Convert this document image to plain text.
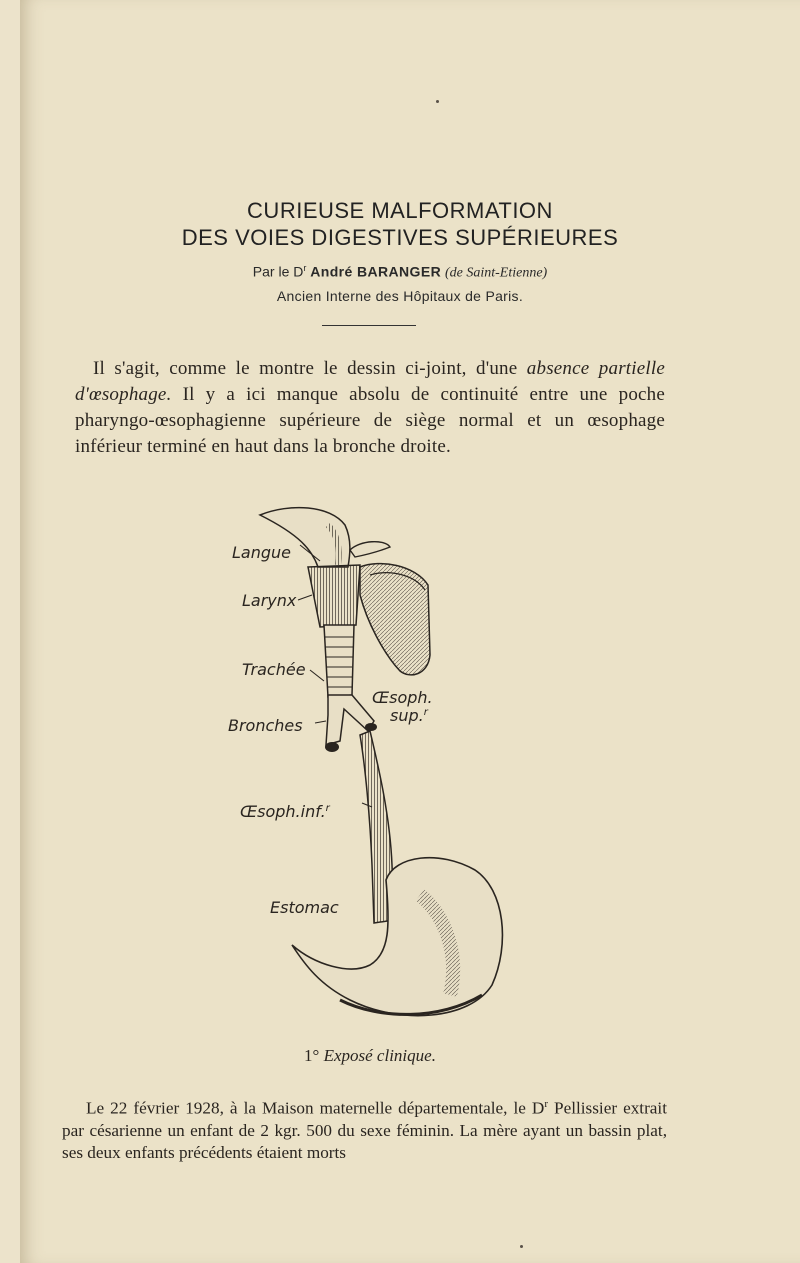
CURIEUSE MALFORMATION
DES VOIES DIGESTIVES SUPÉRIEURES
Par le $D^r$ André BARANGER (de Saint-Etienne)
Ancien Interne des Hôpitaux de Paris.

Il s'agit, comme le montre le dessin ci-joint, d'une absence partielle d'œsophage. Il y a ici manque absolu de continuité entre une poche pharyngo-œsophagienne supérieure de siège normal et un œsophage inférieur terminé en haut dans la bronche droite.

Langue
Larynx
Trachée
Bronches
Œsoph.
sup.$^r$
Œsoph.inf.$^r$
Estomac
1° Exposé clinique.

Le 22 février 1928, à la Maison maternelle départementale, le $D^r$ Pellissier extrait par césarienne un enfant de 2 kgr. 500 du sexe féminin. La mère ayant un bassin plat, ses deux enfants précédents étaient morts
